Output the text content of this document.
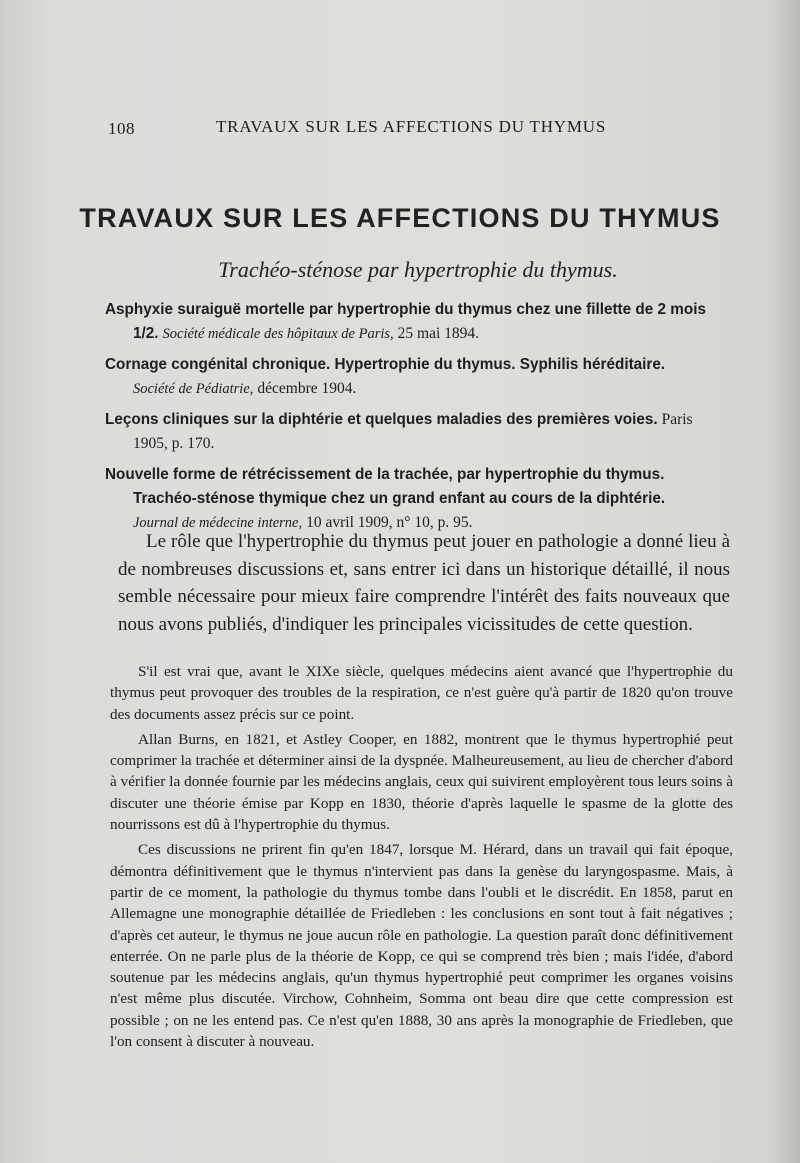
108	TRAVAUX SUR LES AFFECTIONS DU THYMUS
TRAVAUX SUR LES AFFECTIONS DU THYMUS
Trachéo-sténose par hypertrophie du thymus.
Asphyxie suraiguë mortelle par hypertrophie du thymus chez une fillette de 2 mois 1/2. Société médicale des hôpitaux de Paris, 25 mai 1894.
Cornage congénital chronique. Hypertrophie du thymus. Syphilis héréditaire.
Société de Pédiatrie, décembre 1904.
Leçons cliniques sur la diphtérie et quelques maladies des premières voies. Paris 1905, p. 170.
Nouvelle forme de rétrécissement de la trachée, par hypertrophie du thymus. Trachéo-sténose thymique chez un grand enfant au cours de la diphtérie.
Journal de médecine interne, 10 avril 1909, n° 10, p. 95.

Le rôle que l'hypertrophie du thymus peut jouer en pathologie a donné lieu à de nombreuses discussions et, sans entrer ici dans un historique détaillé, il nous semble nécessaire pour mieux faire comprendre l'intérêt des faits nouveaux que nous avons publiés, d'indiquer les principales vicissitudes de cette question.

S'il est vrai que, avant le XIXe siècle, quelques médecins aient avancé que l'hypertrophie du thymus peut provoquer des troubles de la respiration, ce n'est guère qu'à partir de 1820 qu'on trouve des documents assez précis sur ce point.

Allan Burns, en 1821, et Astley Cooper, en 1882, montrent que le thymus hypertrophié peut comprimer la trachée et déterminer ainsi de la dyspnée. Malheureusement, au lieu de chercher d'abord à vérifier la donnée fournie par les médecins anglais, ceux qui suivirent employèrent tous leurs soins à discuter une théorie émise par Kopp en 1830, théorie d'après laquelle le spasme de la glotte des nourrissons est dû à l'hypertrophie du thymus.

Ces discussions ne prirent fin qu'en 1847, lorsque M. Hérard, dans un travail qui fait époque, démontra définitivement que le thymus n'intervient pas dans la genèse du laryngospasme. Mais, à partir de ce moment, la pathologie du thymus tombe dans l'oubli et le discrédit. En 1858, parut en Allemagne une monographie détaillée de Friedleben : les conclusions en sont tout à fait négatives ; d'après cet auteur, le thymus ne joue aucun rôle en pathologie. La question paraît donc définitivement enterrée. On ne parle plus de la théorie de Kopp, ce qui se comprend très bien ; mais l'idée, d'abord soutenue par les médecins anglais, qu'un thymus hypertrophié peut comprimer les organes voisins n'est même plus discutée. Virchow, Cohnheim, Somma ont beau dire que cette compression est possible ; on ne les entend pas. Ce n'est qu'en 1888, 30 ans après la monographie de Friedleben, que l'on consent à discuter à nouveau.
